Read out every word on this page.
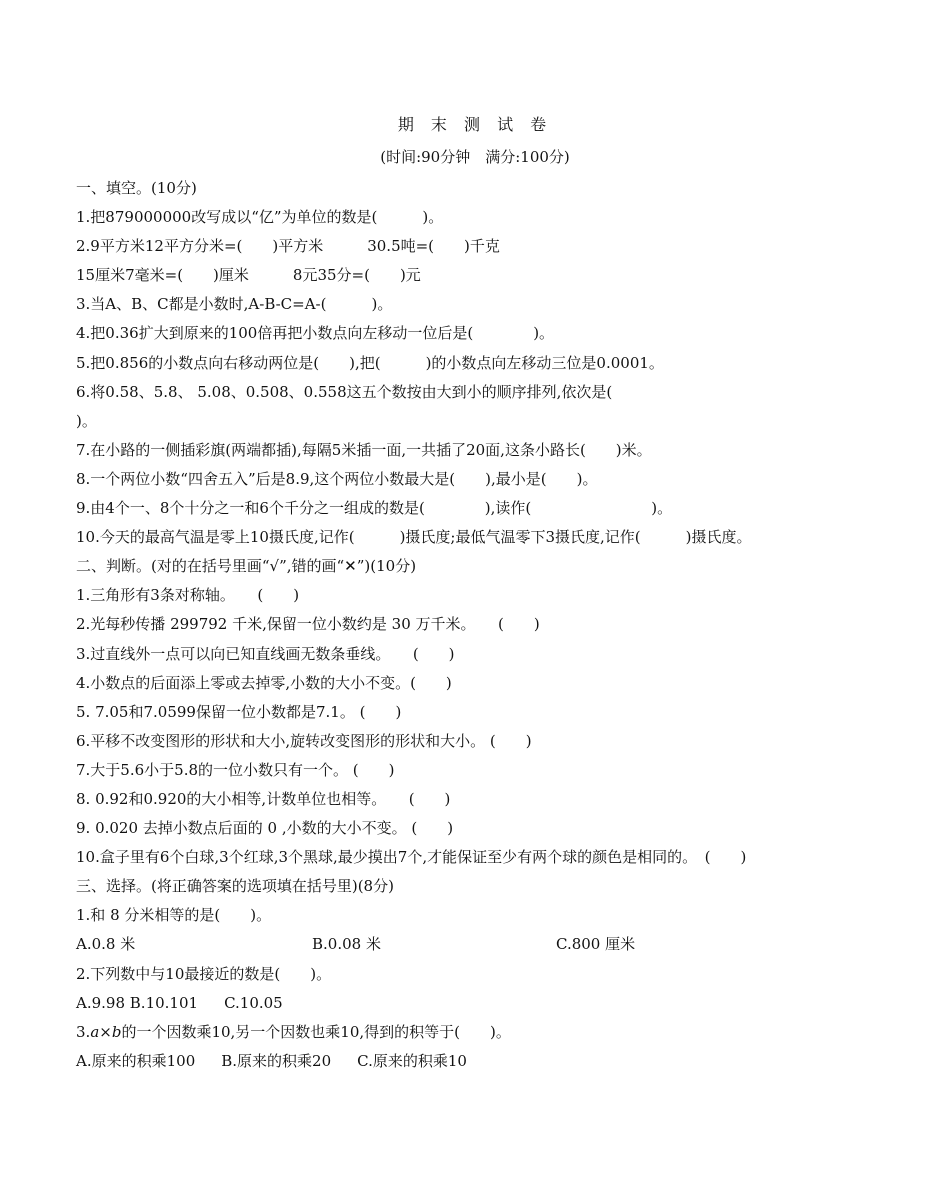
期 末 测 试 卷
(时间:90分钟　满分:100分)
一、填空。(10分)
1.把879000000改写成以“亿”为单位的数是(　　　)。
2.9平方米12平方分米=(　　)平方米	30.5吨=(　　)千克
15厘米7毫米=(　　)厘米	8元35分=(　　)元
3.当A、B、C都是小数时,A-B-C=A-(　　　)。
4.把0.36扩大到原来的100倍再把小数点向左移动一位后是(　　　　)。
5.把0.856的小数点向右移动两位是(　　),把(　　　)的小数点向左移动三位是0.0001。
6.将0.58、5.8、 5.08、0.508、0.558这五个数按由大到小的顺序排列,依次是(
)。
7.在小路的一侧插彩旗(两端都插),每隔5米插一面,一共插了20面,这条小路长(　　)米。
8.一个两位小数“四舍五入”后是8.9,这个两位小数最大是(　　),最小是(　　)。
9.由4个一、8个十分之一和6个千分之一组成的数是(　　　　),读作(　　　　　　　　)。
10.今天的最高气温是零上10摄氏度,记作(　　　)摄氏度;最低气温零下3摄氏度,记作(　　　)摄氏度。
二、判断。(对的在括号里画“√”,错的画“✕”)(10分)
1.三角形有3条对称轴。　　(　　)
2.光每秒传播 299792 千米,保留一位小数约是 30 万千米。　　(　　)
3.过直线外一点可以向已知直线画无数条垂线。　　(　　)
4.小数点的后面添上零或去掉零,小数的大小不变。(　　)
5. 7.05和7.0599保留一位小数都是7.1。 (　　)
6.平移不改变图形的形状和大小,旋转改变图形的形状和大小。 (　　)
7.大于5.6小于5.8的一位小数只有一个。 (　　)
8. 0.92和0.920的大小相等,计数单位也相等。　　(　　)
9. 0.020 去掉小数点后面的 0 ,小数的大小不变。 (　　)
10.盒子里有6个白球,3个红球,3个黑球,最少摸出7个,才能保证至少有两个球的颜色是相同的。　(　　)
三、选择。(将正确答案的选项填在括号里)(8分)
1.和 8 分米相等的是(　　)。
A.0.8 米	B.0.08 米	C.800 厘米
2.下列数中与10最接近的数是(　　)。
A.9.98 B.10.101 C.10.05
3.a×b的一个因数乘10,另一个因数也乘10,得到的积等于(　　)。
A.原来的积乘100 B.原来的积乘20 C.原来的积乘10
